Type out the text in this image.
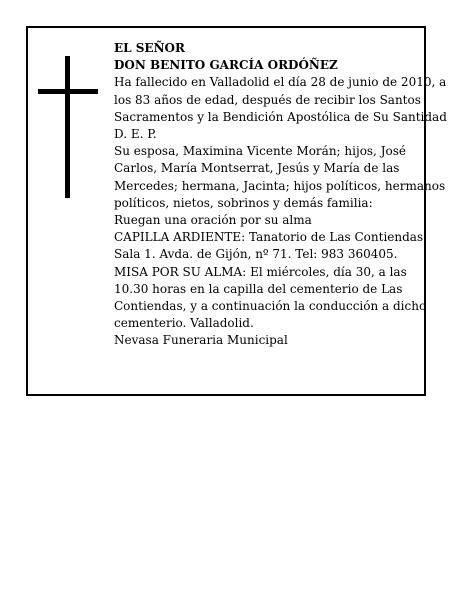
EL SEÑOR
DON BENITO GARCÍA ORDÓÑEZ
Ha fallecido en Valladolid el día 28 de junio de 2010, a
los 83 años de edad, después de recibir los Santos
Sacramentos y la Bendición Apostólica de Su Santidad
D. E. P.
Su esposa, Maximina Vicente Morán; hijos, José
Carlos, María Montserrat, Jesús y María de las
Mercedes; hermana, Jacinta; hijos políticos, hermanos
políticos, nietos, sobrinos y demás familia:
Ruegan una oración por su alma
CAPILLA ARDIENTE: Tanatorio de Las Contiendas.
Sala 1. Avda. de Gijón, nº 71. Tel: 983 360405.
MISA POR SU ALMA: El miércoles, día 30, a las
10.30 horas en la capilla del cementerio de Las
Contiendas, y a continuación la conducción a dicho
cementerio. Valladolid.
Nevasa Funeraria Municipal
